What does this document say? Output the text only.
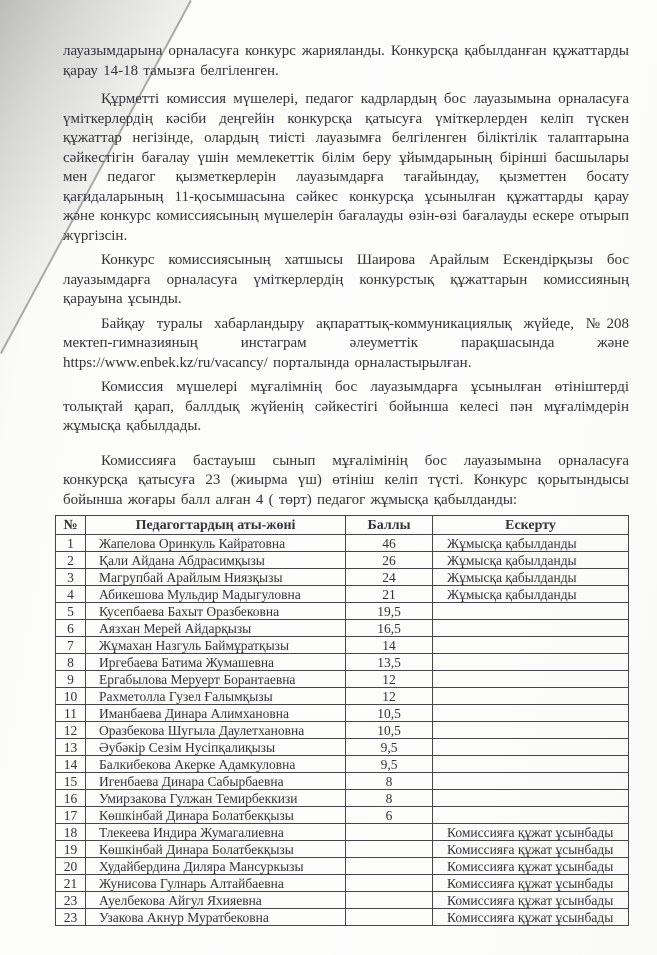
лауазымдарына орналасуға конкурс жарияланды. Конкурсқа қабылданған құжаттарды қарау 14-18 тамызға белгіленген.
Құрметті комиссия мүшелері, педагог кадрлардың бос лауазымына орналасуға үміткерлердің кәсіби деңгейін конкурсқа қатысуға үміткерлерден келіп түскен құжаттар негізінде, олардың тиісті лауазымға белгіленген біліктілік талаптарына сәйкестігін бағалау үшін мемлекеттік білім беру ұйымдарының бірінші басшылары мен педагог қызметкерлерін лауазымдарға тағайындау, қызметтен босату қағидаларының 11-қосымшасына сәйкес конкурсқа ұсынылған құжаттарды қарау және конкурс комиссиясының мүшелерін бағалауды өзін-өзі бағалауды ескере отырып жүргізсін.
Конкурс комиссиясының хатшысы Шаирова Арайлым Ескендірқызы бос лауазымдарға орналасуға үміткерлердің конкурстық құжаттарын комиссияның қарауына ұсынды.
Байқау туралы хабарландыру ақпараттық-коммуникациялық жүйеде, №208 мектеп-гимназияның инстаграм әлеуметтік парақшасында және https://www.enbek.kz/ru/vacancy/ порталында орналастырылған.
Комиссия мүшелері мұғалімнің бос лауазымдарға ұсынылған өтініштерді толықтай қарап, баллдық жүйенің сәйкестігі бойынша келесі пән мұғалімдерін жұмысқа қабылдады.
Комиссияға бастауыш сынып мұғалімінің бос лауазымына орналасуға конкурсқа қатысуға 23 (жиырма үш) өтініш келіп түсті. Конкурс қорытындысы бойынша жоғары балл алған 4 ( төрт) педагог жұмысқа қабылданды:
№	Педагогтардың аты-жөні	Баллы	Ескерту
1	Жапелова Оринкуль Кайратовна	46	Жұмысқа қабылданды
2	Қали Айдана Абдрасимқызы	26	Жұмысқа қабылданды
3	Магрупбай Арайлым Ниязқызы	24	Жұмысқа қабылданды
4	Абикешова Мульдир Мадыгуловна	21	Жұмысқа қабылданды
5	Кусепбаева Бахыт Оразбековна	19,5	
6	Аязхан Мерей Айдарқызы	16,5	
7	Жұмахан Назгуль Баймұратқызы	14	
8	Иргебаева Батима Жумашевна	13,5	
9	Ергабылова Меруерт Борантаевна	12	
10	Рахметолла Гузел Ғалымқызы	12	
11	Иманбаева Динара Алимхановна	10,5	
12	Оразбекова Шугыла Даулетхановна	10,5	
13	Әубәкір Сезім Нусіпқалиқызы	9,5	
14	Балкибекова Акерке Адамкуловна	9,5	
15	Игенбаева Динара Сабырбаевна	8	
16	Умирзакова Гулжан Темирбеккизи	8	
17	Көшкінбай Динара Болатбекқызы	6	
18	Тлекеева Индира Жумагалиевна		Комиссияға құжат ұсынбады
19	Көшкінбай Динара Болатбекқызы		Комиссияға құжат ұсынбады
20	Худайбердина Диляра Мансуркызы		Комиссияға құжат ұсынбады
21	Жунисова Гулнарь Алтайбаевна		Комиссияға құжат ұсынбады
23	Ауелбекова Айгул Яхияевна		Комиссияға құжат ұсынбады
23	Узакова Акнур Муратбековна		Комиссияға құжат ұсынбады
